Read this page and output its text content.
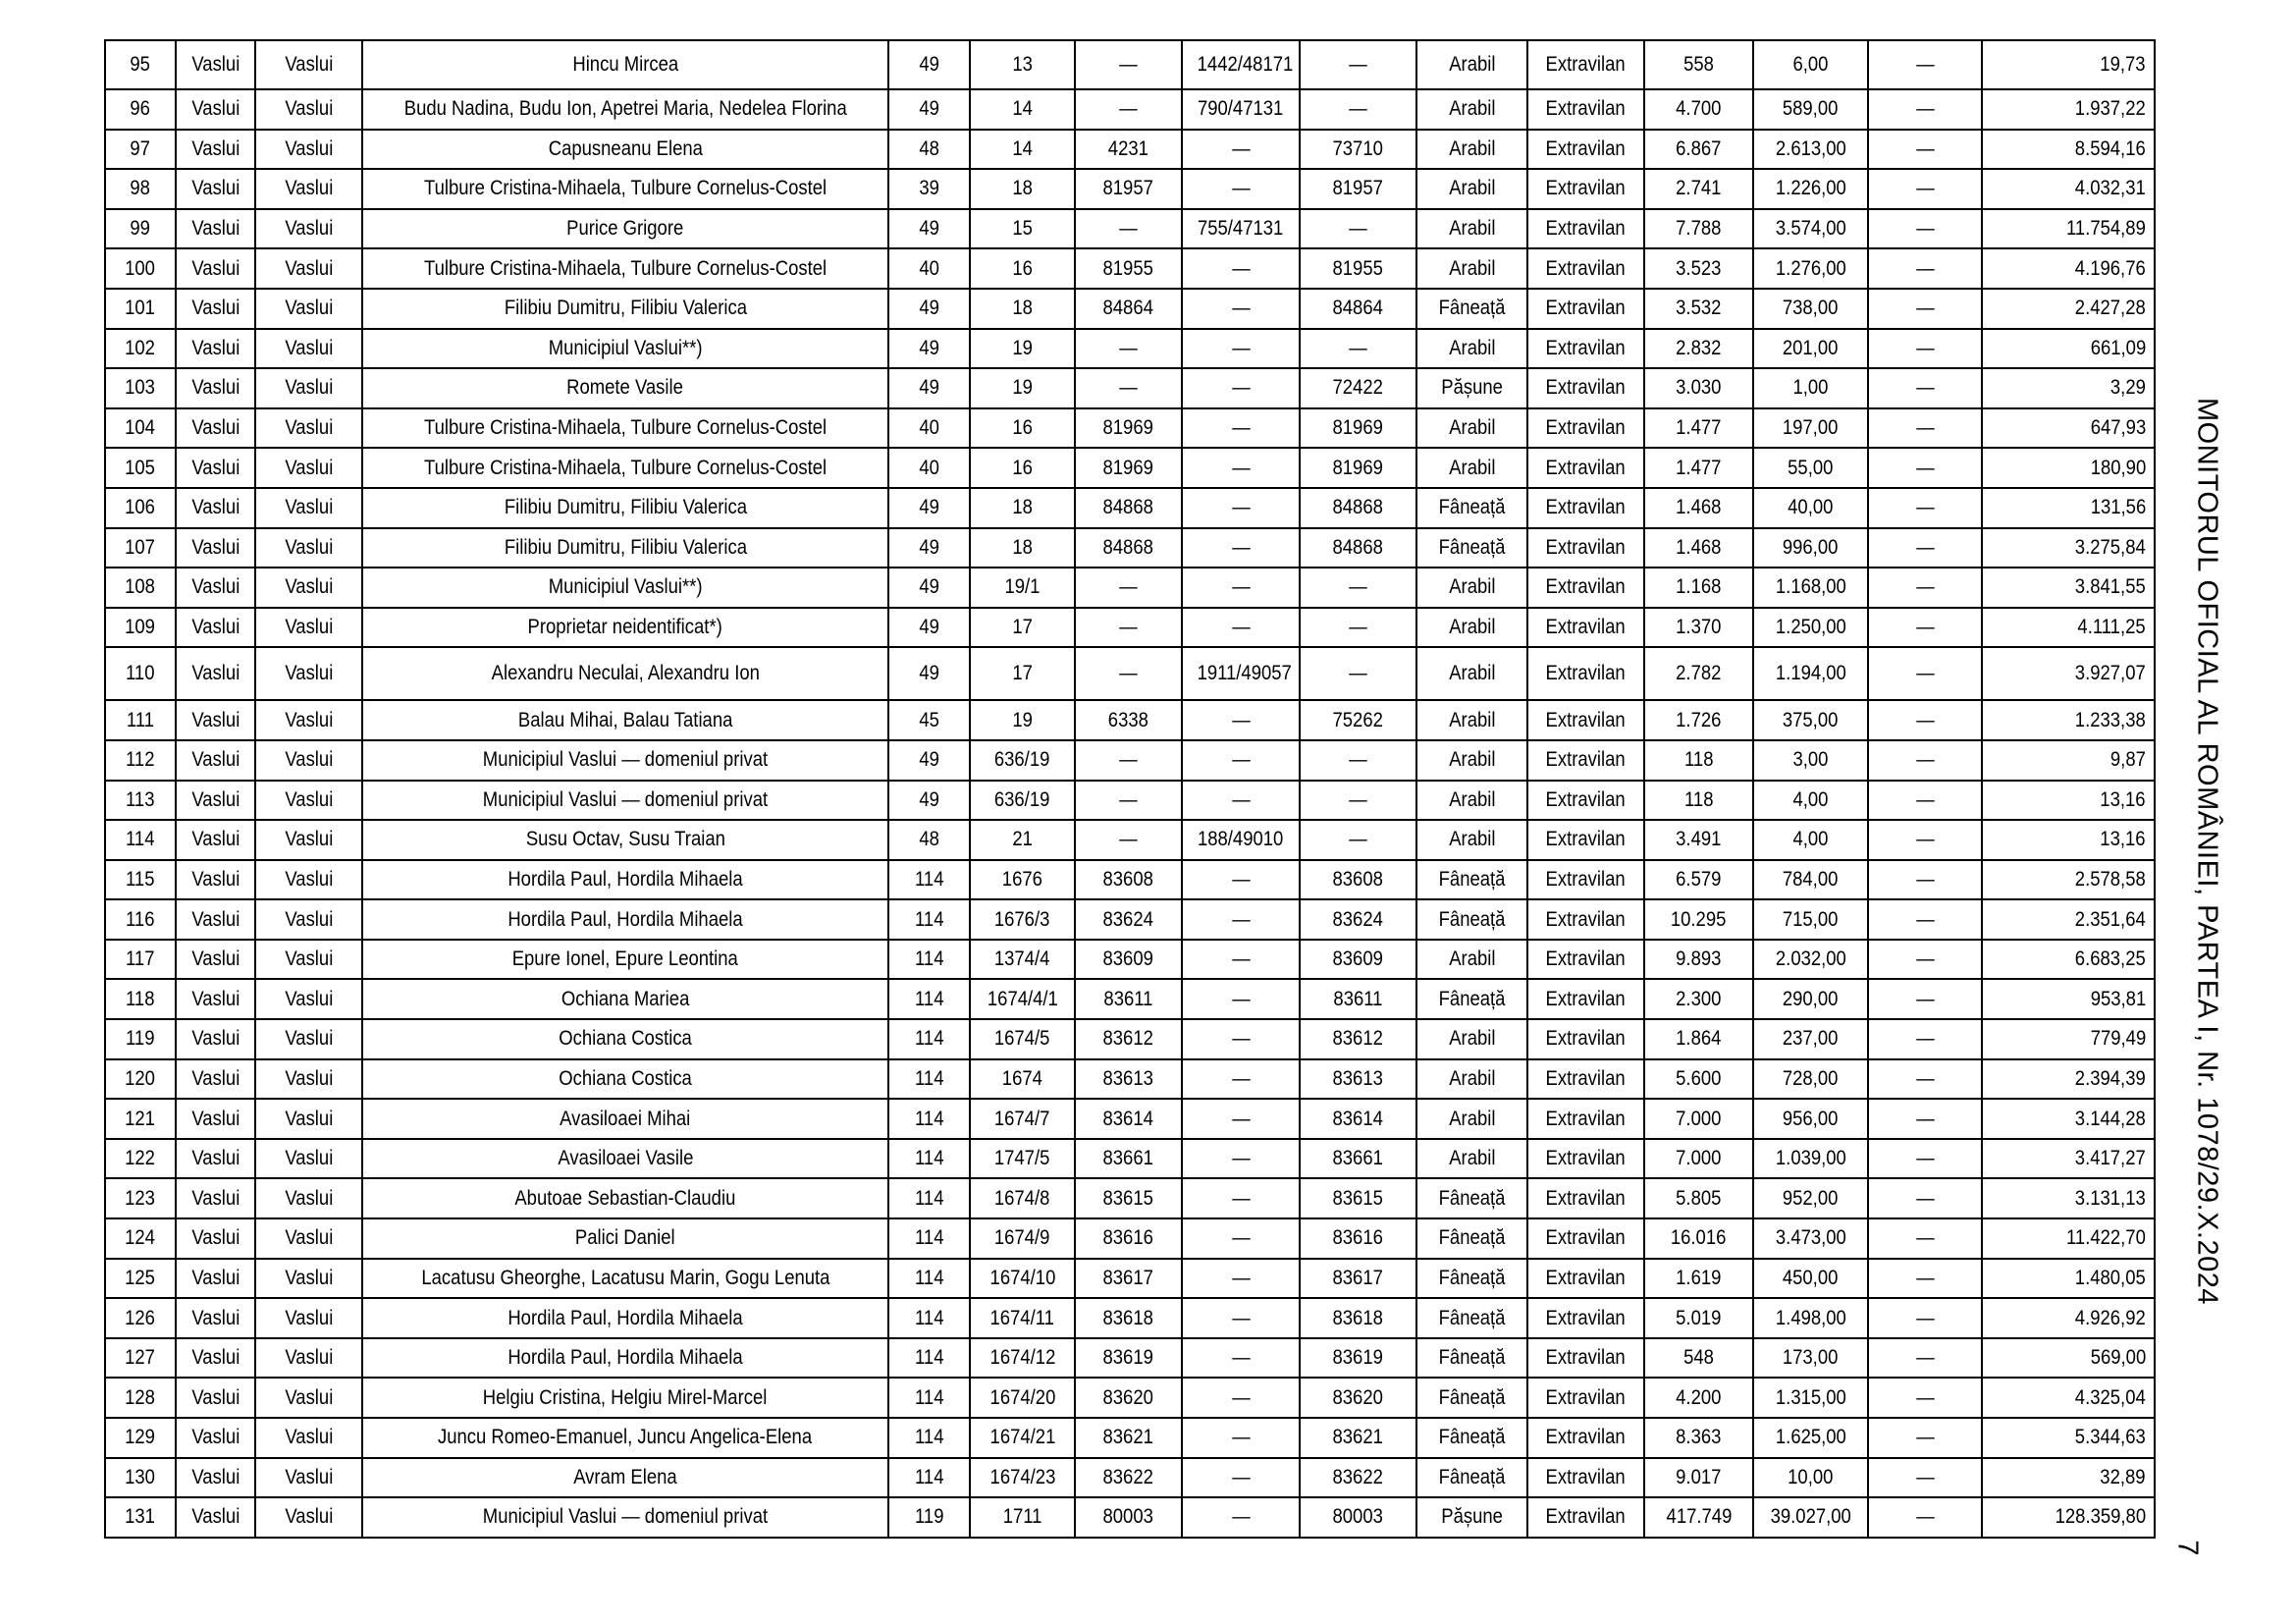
95	Vaslui	Vaslui	Hincu Mircea	49	13	—	1442/48171	—	Arabil	Extravilan	558	6,00	—	19,73
96	Vaslui	Vaslui	Budu Nadina, Budu Ion, Apetrei Maria, Nedelea Florina	49	14	—	790/47131	—	Arabil	Extravilan	4.700	589,00	—	1.937,22
97	Vaslui	Vaslui	Capusneanu Elena	48	14	4231	—	73710	Arabil	Extravilan	6.867	2.613,00	—	8.594,16
98	Vaslui	Vaslui	Tulbure Cristina-Mihaela, Tulbure Cornelus-Costel	39	18	81957	—	81957	Arabil	Extravilan	2.741	1.226,00	—	4.032,31
99	Vaslui	Vaslui	Purice Grigore	49	15	—	755/47131	—	Arabil	Extravilan	7.788	3.574,00	—	11.754,89
100	Vaslui	Vaslui	Tulbure Cristina-Mihaela, Tulbure Cornelus-Costel	40	16	81955	—	81955	Arabil	Extravilan	3.523	1.276,00	—	4.196,76
101	Vaslui	Vaslui	Filibiu Dumitru, Filibiu Valerica	49	18	84864	—	84864	Fâneață	Extravilan	3.532	738,00	—	2.427,28
102	Vaslui	Vaslui	Municipiul Vaslui**)	49	19	—	—	—	Arabil	Extravilan	2.832	201,00	—	661,09
103	Vaslui	Vaslui	Romete Vasile	49	19	—	—	72422	Pășune	Extravilan	3.030	1,00	—	3,29
104	Vaslui	Vaslui	Tulbure Cristina-Mihaela, Tulbure Cornelus-Costel	40	16	81969	—	81969	Arabil	Extravilan	1.477	197,00	—	647,93
105	Vaslui	Vaslui	Tulbure Cristina-Mihaela, Tulbure Cornelus-Costel	40	16	81969	—	81969	Arabil	Extravilan	1.477	55,00	—	180,90
106	Vaslui	Vaslui	Filibiu Dumitru, Filibiu Valerica	49	18	84868	—	84868	Fâneață	Extravilan	1.468	40,00	—	131,56
107	Vaslui	Vaslui	Filibiu Dumitru, Filibiu Valerica	49	18	84868	—	84868	Fâneață	Extravilan	1.468	996,00	—	3.275,84
108	Vaslui	Vaslui	Municipiul Vaslui**)	49	19/1	—	—	—	Arabil	Extravilan	1.168	1.168,00	—	3.841,55
109	Vaslui	Vaslui	Proprietar neidentificat*)	49	17	—	—	—	Arabil	Extravilan	1.370	1.250,00	—	4.111,25
110	Vaslui	Vaslui	Alexandru Neculai, Alexandru Ion	49	17	—	1911/49057	—	Arabil	Extravilan	2.782	1.194,00	—	3.927,07
111	Vaslui	Vaslui	Balau Mihai, Balau Tatiana	45	19	6338	—	75262	Arabil	Extravilan	1.726	375,00	—	1.233,38
112	Vaslui	Vaslui	Municipiul Vaslui — domeniul privat	49	636/19	—	—	—	Arabil	Extravilan	118	3,00	—	9,87
113	Vaslui	Vaslui	Municipiul Vaslui — domeniul privat	49	636/19	—	—	—	Arabil	Extravilan	118	4,00	—	13,16
114	Vaslui	Vaslui	Susu Octav, Susu Traian	48	21	—	188/49010	—	Arabil	Extravilan	3.491	4,00	—	13,16
115	Vaslui	Vaslui	Hordila Paul, Hordila Mihaela	114	1676	83608	—	83608	Fâneață	Extravilan	6.579	784,00	—	2.578,58
116	Vaslui	Vaslui	Hordila Paul, Hordila Mihaela	114	1676/3	83624	—	83624	Fâneață	Extravilan	10.295	715,00	—	2.351,64
117	Vaslui	Vaslui	Epure Ionel, Epure Leontina	114	1374/4	83609	—	83609	Arabil	Extravilan	9.893	2.032,00	—	6.683,25
118	Vaslui	Vaslui	Ochiana Mariea	114	1674/4/1	83611	—	83611	Fâneață	Extravilan	2.300	290,00	—	953,81
119	Vaslui	Vaslui	Ochiana Costica	114	1674/5	83612	—	83612	Arabil	Extravilan	1.864	237,00	—	779,49
120	Vaslui	Vaslui	Ochiana Costica	114	1674	83613	—	83613	Arabil	Extravilan	5.600	728,00	—	2.394,39
121	Vaslui	Vaslui	Avasiloaei Mihai	114	1674/7	83614	—	83614	Arabil	Extravilan	7.000	956,00	—	3.144,28
122	Vaslui	Vaslui	Avasiloaei Vasile	114	1747/5	83661	—	83661	Arabil	Extravilan	7.000	1.039,00	—	3.417,27
123	Vaslui	Vaslui	Abutoae Sebastian-Claudiu	114	1674/8	83615	—	83615	Fâneață	Extravilan	5.805	952,00	—	3.131,13
124	Vaslui	Vaslui	Palici Daniel	114	1674/9	83616	—	83616	Fâneață	Extravilan	16.016	3.473,00	—	11.422,70
125	Vaslui	Vaslui	Lacatusu Gheorghe, Lacatusu Marin, Gogu Lenuta	114	1674/10	83617	—	83617	Fâneață	Extravilan	1.619	450,00	—	1.480,05
126	Vaslui	Vaslui	Hordila Paul, Hordila Mihaela	114	1674/11	83618	—	83618	Fâneață	Extravilan	5.019	1.498,00	—	4.926,92
127	Vaslui	Vaslui	Hordila Paul, Hordila Mihaela	114	1674/12	83619	—	83619	Fâneață	Extravilan	548	173,00	—	569,00
128	Vaslui	Vaslui	Helgiu Cristina, Helgiu Mirel-Marcel	114	1674/20	83620	—	83620	Fâneață	Extravilan	4.200	1.315,00	—	4.325,04
129	Vaslui	Vaslui	Juncu Romeo-Emanuel, Juncu Angelica-Elena	114	1674/21	83621	—	83621	Fâneață	Extravilan	8.363	1.625,00	—	5.344,63
130	Vaslui	Vaslui	Avram Elena	114	1674/23	83622	—	83622	Fâneață	Extravilan	9.017	10,00	—	32,89
131	Vaslui	Vaslui	Municipiul Vaslui — domeniul privat	119	1711	80003	—	80003	Pășune	Extravilan	417.749	39.027,00	—	128.359,80
MONITORUL OFICIAL AL ROMÂNIEI, PARTEA I, Nr. 1078/29.X.2024
7
